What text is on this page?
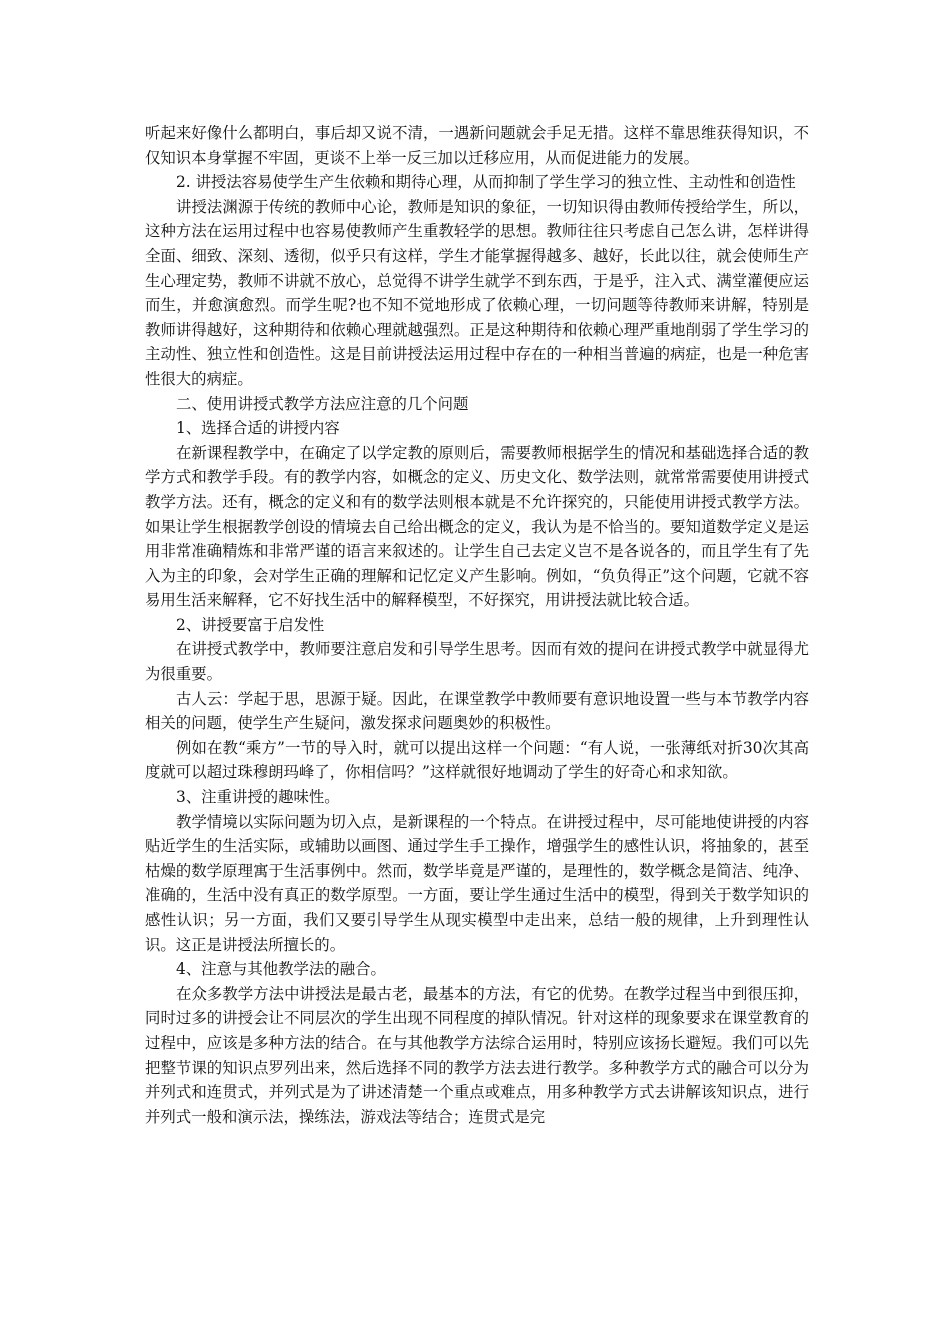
听起来好像什么都明白，事后却又说不清，一遇新问题就会手足无措。这样不靠思维获得知识，不仅知识本身掌握不牢固，更谈不上举一反三加以迁移应用，从而促进能力的发展。

2. 讲授法容易使学生产生依赖和期待心理，从而抑制了学生学习的独立性、主动性和创造性

讲授法渊源于传统的教师中心论，教师是知识的象征，一切知识得由教师传授给学生，所以，这种方法在运用过程中也容易使教师产生重教轻学的思想。教师往往只考虑自己怎么讲，怎样讲得全面、细致、深刻、透彻，似乎只有这样，学生才能掌握得越多、越好，长此以往，就会使师生产生心理定势，教师不讲就不放心，总觉得不讲学生就学不到东西，于是乎，注入式、满堂灌便应运而生，并愈演愈烈。而学生呢?也不知不觉地形成了依赖心理，一切问题等待教师来讲解，特别是教师讲得越好，这种期待和依赖心理就越强烈。正是这种期待和依赖心理严重地削弱了学生学习的主动性、独立性和创造性。这是目前讲授法运用过程中存在的一种相当普遍的病症，也是一种危害性很大的病症。

二、使用讲授式教学方法应注意的几个问题

1、选择合适的讲授内容

在新课程教学中，在确定了以学定教的原则后，需要教师根据学生的情况和基础选择合适的教学方式和教学手段。有的教学内容，如概念的定义、历史文化、数学法则，就常常需要使用讲授式教学方法。还有，概念的定义和有的数学法则根本就是不允许探究的，只能使用讲授式教学方法。如果让学生根据教学创设的情境去自己给出概念的定义，我认为是不恰当的。要知道数学定义是运用非常准确精炼和非常严谨的语言来叙述的。让学生自己去定义岂不是各说各的，而且学生有了先入为主的印象，会对学生正确的理解和记忆定义产生影响。例如，“负负得正”这个问题，它就不容易用生活来解释，它不好找生活中的解释模型，不好探究，用讲授法就比较合适。

2、讲授要富于启发性

在讲授式教学中，教师要注意启发和引导学生思考。因而有效的提问在讲授式教学中就显得尤为很重要。

古人云：学起于思，思源于疑。因此，在课堂教学中教师要有意识地设置一些与本节教学内容相关的问题，使学生产生疑问，激发探求问题奥妙的积极性。

例如在教“乘方”一节的导入时，就可以提出这样一个问题：“有人说，一张薄纸对折30次其高度就可以超过珠穆朗玛峰了，你相信吗？”这样就很好地调动了学生的好奇心和求知欲。

3、注重讲授的趣味性。

教学情境以实际问题为切入点，是新课程的一个特点。在讲授过程中，尽可能地使讲授的内容贴近学生的生活实际，或辅助以画图、通过学生手工操作，增强学生的感性认识，将抽象的，甚至枯燥的数学原理寓于生活事例中。然而，数学毕竟是严谨的，是理性的，数学概念是简洁、纯净、准确的，生活中没有真正的数学原型。一方面，要让学生通过生活中的模型，得到关于数学知识的感性认识；另一方面，我们又要引导学生从现实模型中走出来，总结一般的规律，上升到理性认识。这正是讲授法所擅长的。

4、注意与其他教学法的融合。

在众多教学方法中讲授法是最古老，最基本的方法，有它的优势。在教学过程当中到很压抑，同时过多的讲授会让不同层次的学生出现不同程度的掉队情况。针对这样的现象要求在课堂教育的过程中，应该是多种方法的结合。在与其他教学方法综合运用时，特别应该扬长避短。我们可以先把整节课的知识点罗列出来，然后选择不同的教学方法去进行教学。多种教学方式的融合可以分为并列式和连贯式，并列式是为了讲述清楚一个重点或难点，用多种教学方式去讲解该知识点，进行并列式一般和演示法，操练法，游戏法等结合；连贯式是完
